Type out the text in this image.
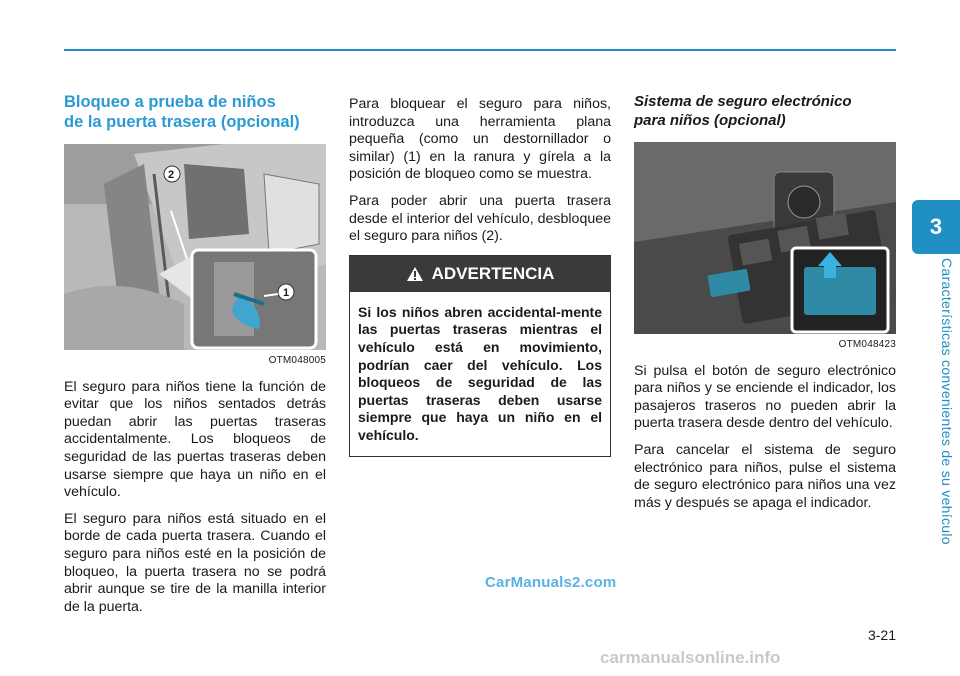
3
Características convenientes de su vehículo
Bloqueo a prueba de niños
de la puerta trasera (opcional)
2
1
OTM048005

El seguro para niños tiene la función de evitar que los niños sentados detrás puedan abrir las puertas traseras accidentalmente. Los bloqueos de seguridad de las puertas traseras deben usarse siempre que haya un niño en el vehículo.

El seguro para niños está situado en el borde de cada puerta trasera. Cuando el seguro para niños esté en la posición de bloqueo, la puerta trasera no se podrá abrir aunque se tire de la manilla interior de la puerta.

Para bloquear el seguro para niños, introduzca una herramienta plana pequeña (como un destornillador o similar) (1) en la ranura y gírela a la posición de bloqueo como se muestra.

Para poder abrir una puerta trasera desde el interior del vehículo, desbloquee el seguro para niños (2).

ADVERTENCIA
Si los niños abren accidental-mente las puertas traseras mientras el vehículo está en movimiento, podrían caer del vehículo. Los bloqueos de seguridad de las puertas traseras deben usarse siempre que haya un niño en el vehículo.
Sistema de seguro electrónico
para niños (opcional)
OTM048423

Si pulsa el botón de seguro electrónico para niños y se enciende el indicador, los pasajeros traseros no pueden abrir la puerta trasera desde dentro del vehículo.

Para cancelar el sistema de seguro electrónico para niños, pulse el sistema de seguro electrónico para niños una vez más y después se apaga el indicador.

CarManuals2.com
3-21
carmanualsonline.info
